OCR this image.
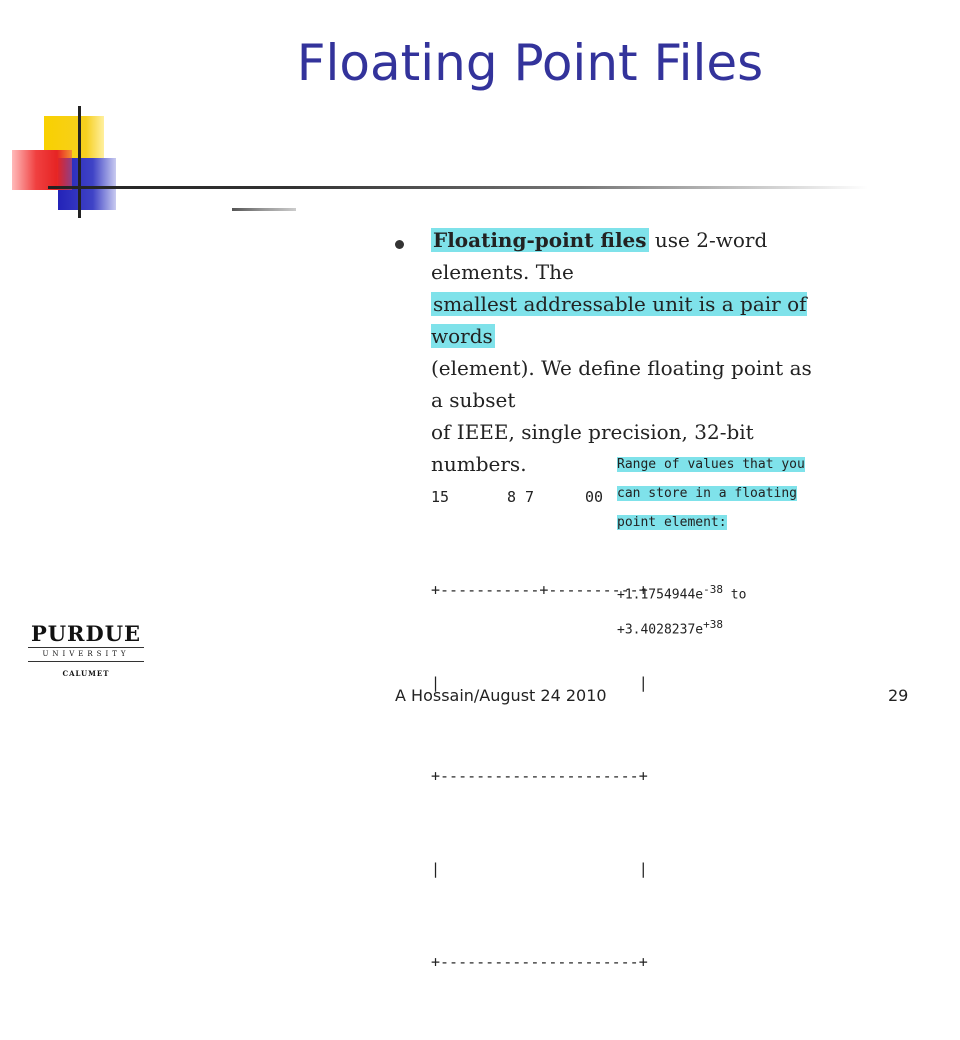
Floating Point Files
Floating-point files use 2-word elements. The
smallest addressable unit is a pair of words
(element). We define floating point as a subset
of IEEE, single precision, 32-bit numbers.

15

	8

7

	00

+-----------+----------+

|                      |

+----------------------+

|                      |

+----------------------+

Range of values that you
can store in a floating
point element:
$+1.1754944e^{-38}$ to
$+3.4028237e^{+38}$
PURDUE
UNIVERSITY
CALUMET
A Hossain/August 24 2010	29
